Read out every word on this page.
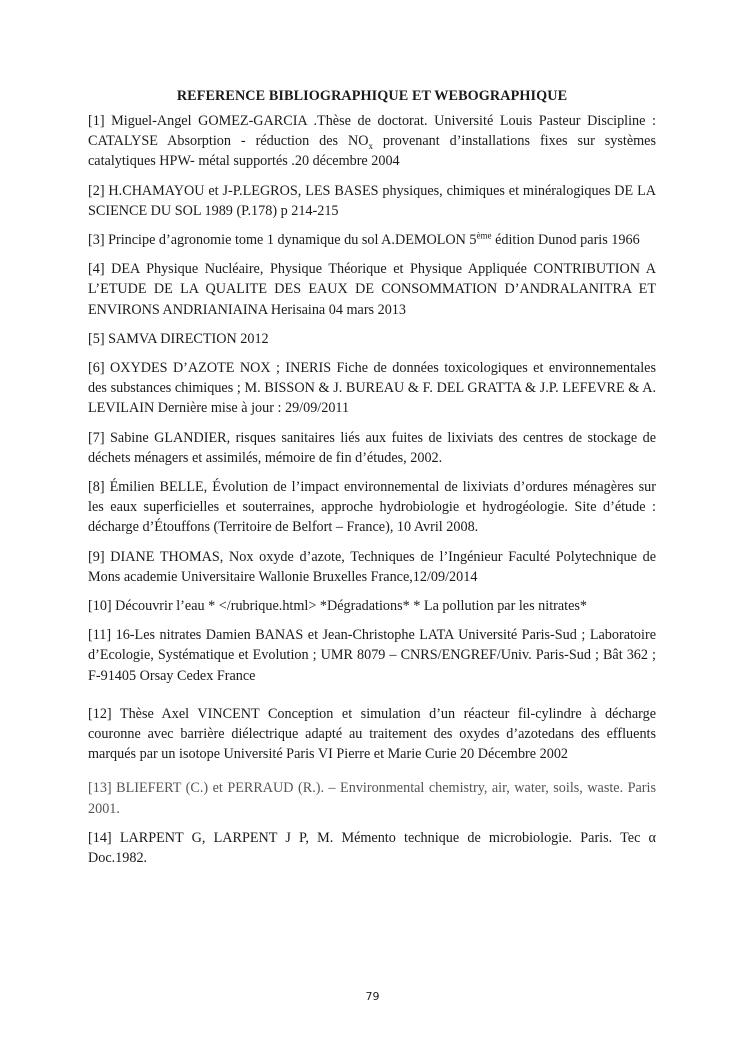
REFERENCE BIBLIOGRAPHIQUE ET WEBOGRAPHIQUE

[1] Miguel-Angel GOMEZ-GARCIA .Thèse de doctorat. Université Louis Pasteur Discipline : CATALYSE Absorption - réduction des $NO_x$ provenant d’installations fixes sur systèmes catalytiques HPW- métal supportés .20 décembre 2004

[2] H.CHAMAYOU et J-P.LEGROS, LES BASES physiques, chimiques et minéralogiques DE LA SCIENCE DU SOL 1989 (P.178) p 214-215

[3] Principe d’agronomie tome 1 dynamique du sol A.DEMOLON 5ème édition Dunod paris 1966

[4] DEA Physique Nucléaire, Physique Théorique et Physique Appliquée CONTRIBUTION A L’ETUDE DE LA QUALITE DES EAUX DE CONSOMMATION D’ANDRALANITRA ET ENVIRONS ANDRIANIAINA Herisaina 04 mars 2013

[5] SAMVA DIRECTION 2012

[6] OXYDES D’AZOTE NOX ; INERIS Fiche de données toxicologiques et environnementales des substances chimiques ; M. BISSON & J. BUREAU & F. DEL GRATTA & J.P. LEFEVRE & A. LEVILAIN Dernière mise à jour : 29/09/2011

[7] Sabine GLANDIER, risques sanitaires liés aux fuites de lixiviats des centres de stockage de déchets ménagers et assimilés, mémoire de fin d’études, 2002.

[8] Émilien BELLE, Évolution de l’impact environnemental de lixiviats d’ordures ménagères sur les eaux superficielles et souterraines, approche hydrobiologie et hydrogéologie. Site d’étude : décharge d’Étouffons (Territoire de Belfort – France), 10 Avril 2008.

[9] DIANE THOMAS, Nox oxyde d’azote, Techniques de l’Ingénieur Faculté Polytechnique de Mons academie Universitaire Wallonie Bruxelles France,12/09/2014

[10] Découvrir l’eau * </rubrique.html> *Dégradations* * La pollution par les nitrates*

[11] 16-Les nitrates Damien BANAS et Jean-Christophe LATA Université Paris-Sud ; Laboratoire d’Ecologie, Systématique et Evolution ; UMR 8079 – CNRS/ENGREF/Univ. Paris-Sud ; Bât 362 ; F-91405 Orsay Cedex France

[12] Thèse Axel VINCENT Conception et simulation d’un réacteur fil-cylindre à décharge couronne avec barrière diélectrique adapté au traitement des oxydes d’azotedans des effluents marqués par un isotope Université Paris VI Pierre et Marie Curie 20 Décembre 2002

[13] BLIEFERT (C.) et PERRAUD (R.). – Environmental chemistry, air, water, soils, waste. Paris 2001.

[14] LARPENT G, LARPENT J P, M. Mémento technique de microbiologie. Paris. Tec α Doc.1982.

79
